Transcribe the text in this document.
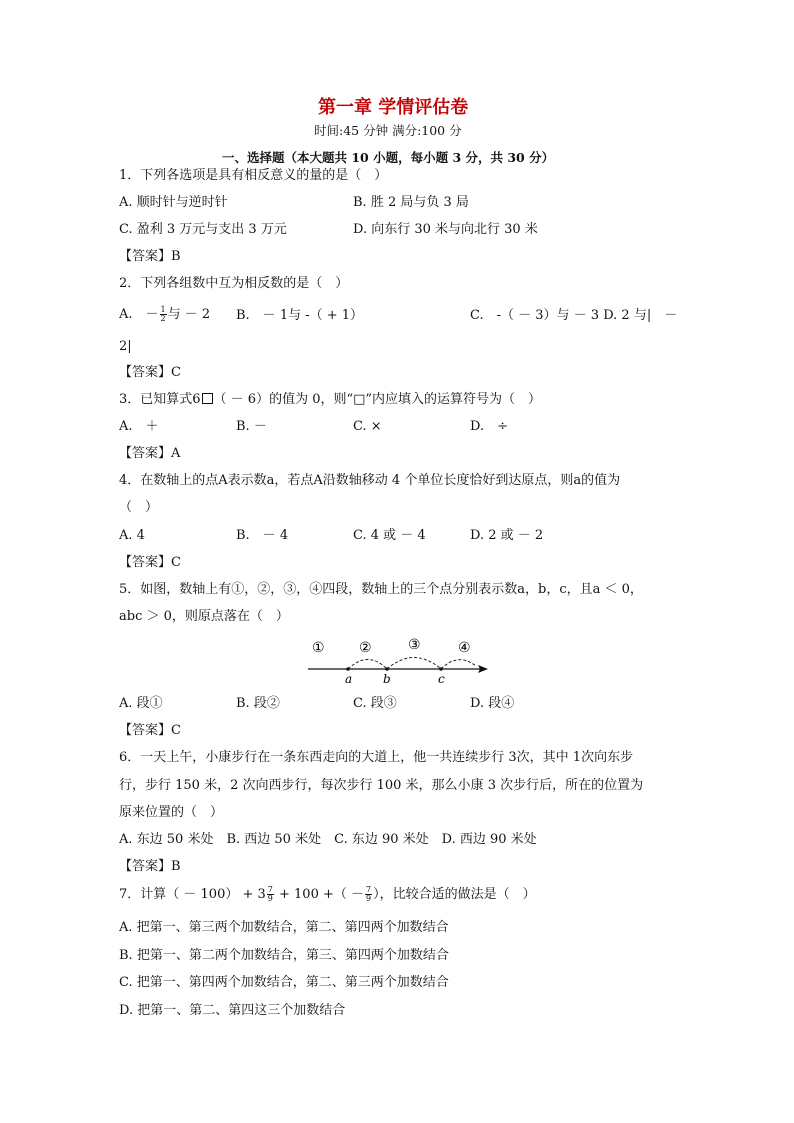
第一章 学情评估卷
时间:45 分钟 满分:100 分
一、选择题（本大题共 10 小题，每小题 3 分，共 30 分）
1．下列各选项是具有相反意义的量的是（　）
A. 顺时针与逆时针	B. 胜 2 局与负 3 局
C. 盈利 3 万元与支出 3 万元	D. 向东行 30 米与向北行 30 米
【答案】B
2．下列各组数中互为相反数的是（　）
A.　－ $\frac{1}{2}$ 与 － 2 B.　－ 1与 -（ + 1）	C.　-（ － 3）与 － 3 D. 2 与|　－
2|
【答案】C
3．已知算式6 （ － 6）的值为 0，则“□”内应填入的运算符号为（　）
A.　＋	B. －	C. ×	D.　÷
【答案】A
4．在数轴上的点A表示数a，若点A沿数轴移动 4 个单位长度恰好到达原点，则a的值为
（　）
A. 4	B.　－ 4	C. 4 或 － 4	D. 2 或 － 2
【答案】C
5．如图，数轴上有①，②，③，④四段，数轴上的三个点分别表示数a，b，c，且a ＜ 0，
abc ＞ 0，则原点落在（　）
① ②	③	④
a	b	c
A. 段①	B. 段②	C. 段③	D. 段④
【答案】C
6．一天上午，小康步行在一条东西走向的大道上，他一共连续步行 3次，其中 1次向东步
行，步行 150 米，2 次向西步行，每次步行 100 米，那么小康 3 次步行后，所在的位置为
原来位置的（　）
A. 东边 50 米处　B. 西边 50 米处　C. 东边 90 米处　D. 西边 90 米处
【答案】B
7．计算（ － $100) + 3 \frac{7}{9} + 100$ +（ － $\frac{7}{9}$ ），比较合适的做法是（　）
A. 把第一、第三两个加数结合，第二、第四两个加数结合
B. 把第一、第二两个加数结合，第三、第四两个加数结合
C. 把第一、第四两个加数结合，第二、第三两个加数结合
D. 把第一、第二、第四这三个加数结合
